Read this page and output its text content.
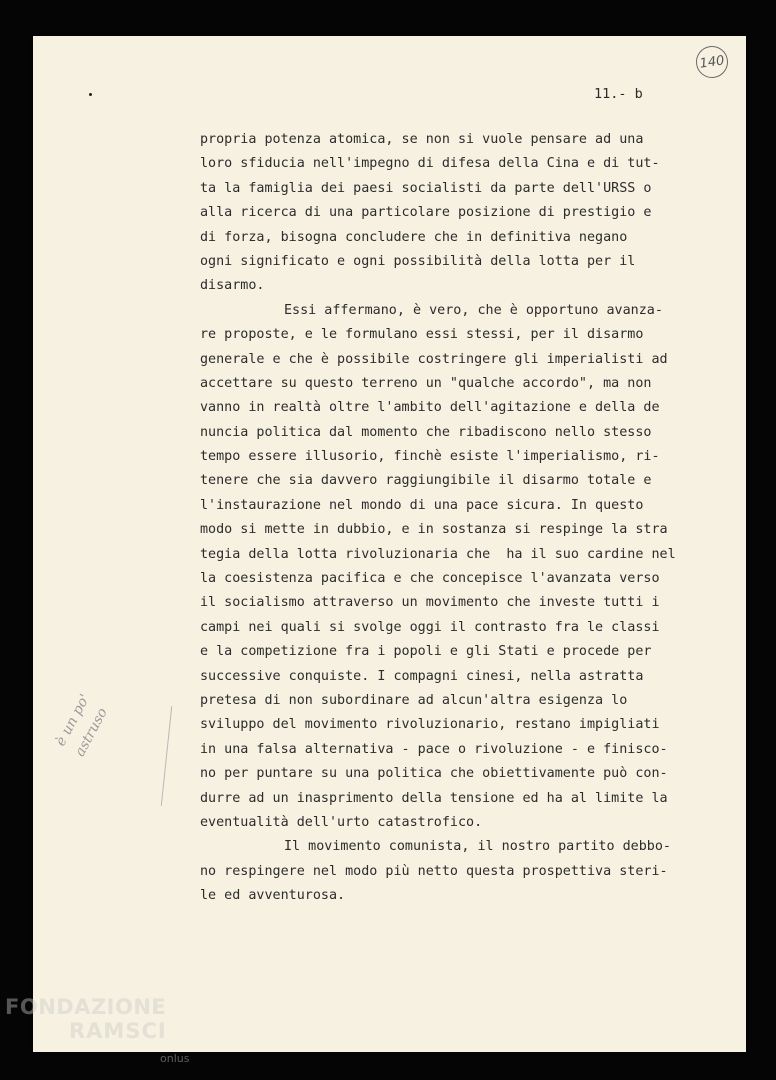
140
11.- b
propria potenza atomica, se non si vuole pensare ad una
loro sfiducia nell'impegno di difesa della Cina e di tut-
ta la famiglia dei paesi socialisti da parte dell'URSS o
alla ricerca di una particolare posizione di prestigio e
di forza, bisogna concludere che in definitiva negano
ogni significato e ogni possibilità della lotta per il
disarmo.
Essi affermano, è vero, che è opportuno avanza-
re proposte, e le formulano essi stessi, per il disarmo
generale e che è possibile costringere gli imperialisti ad
accettare su questo terreno un "qualche accordo", ma non
vanno in realtà oltre l'ambito dell'agitazione e della de
nuncia politica dal momento che ribadiscono nello stesso
tempo essere illusorio, finchè esiste l'imperialismo, ri-
tenere che sia davvero raggiungibile il disarmo totale e
l'instaurazione nel mondo di una pace sicura. In questo
modo si mette in dubbio, e in sostanza si respinge la stra
tegia della lotta rivoluzionaria che  ha il suo cardine nel
la coesistenza pacifica e che concepisce l'avanzata verso
il socialismo attraverso un movimento che investe tutti i
campi nei quali si svolge oggi il contrasto fra le classi
e la competizione fra i popoli e gli Stati e procede per
successive conquiste. I compagni cinesi, nella astratta
pretesa di non subordinare ad alcun'altra esigenza lo
sviluppo del movimento rivoluzionario, restano impigliati
in una falsa alternativa - pace o rivoluzione - e finisco-
no per puntare su una politica che obiettivamente può con-
durre ad un inasprimento della tensione ed ha al limite la
eventualità dell'urto catastrofico.
Il movimento comunista, il nostro partito debbo-
no respingere nel modo più netto questa prospettiva steri-
le ed avventurosa.
è un po'
astruso
FONDAZIONE
RAMSCI
onlus
